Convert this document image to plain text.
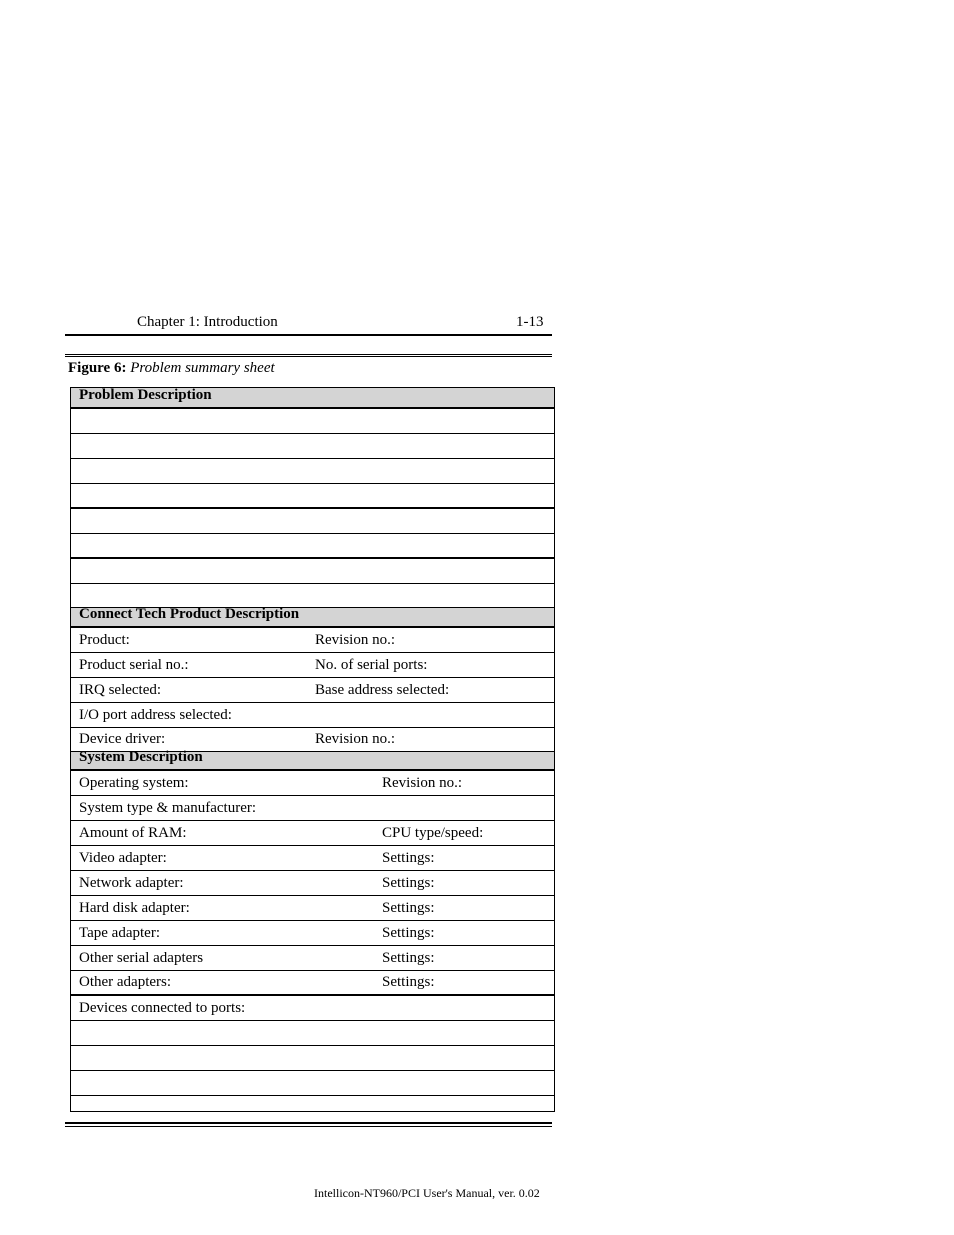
Chapter 1: Introduction	1-13
Figure 6: Problem summary sheet
Problem Description
Connect Tech Product Description
Product:	Revision no.:
Product serial no.:	No. of serial ports:
IRQ selected:	Base address selected:
I/O port address selected:
Device driver:	Revision no.:
System Description
Operating system:	Revision no.:
System type & manufacturer:
Amount of RAM:	CPU type/speed:
Video adapter:	Settings:
Network adapter:	Settings:
Hard disk adapter:	Settings:
Tape adapter:	Settings:
Other serial adapters	Settings:
Other adapters:	Settings:
Devices connected to ports:
Intellicon-NT960/PCI User's Manual, ver. 0.02
